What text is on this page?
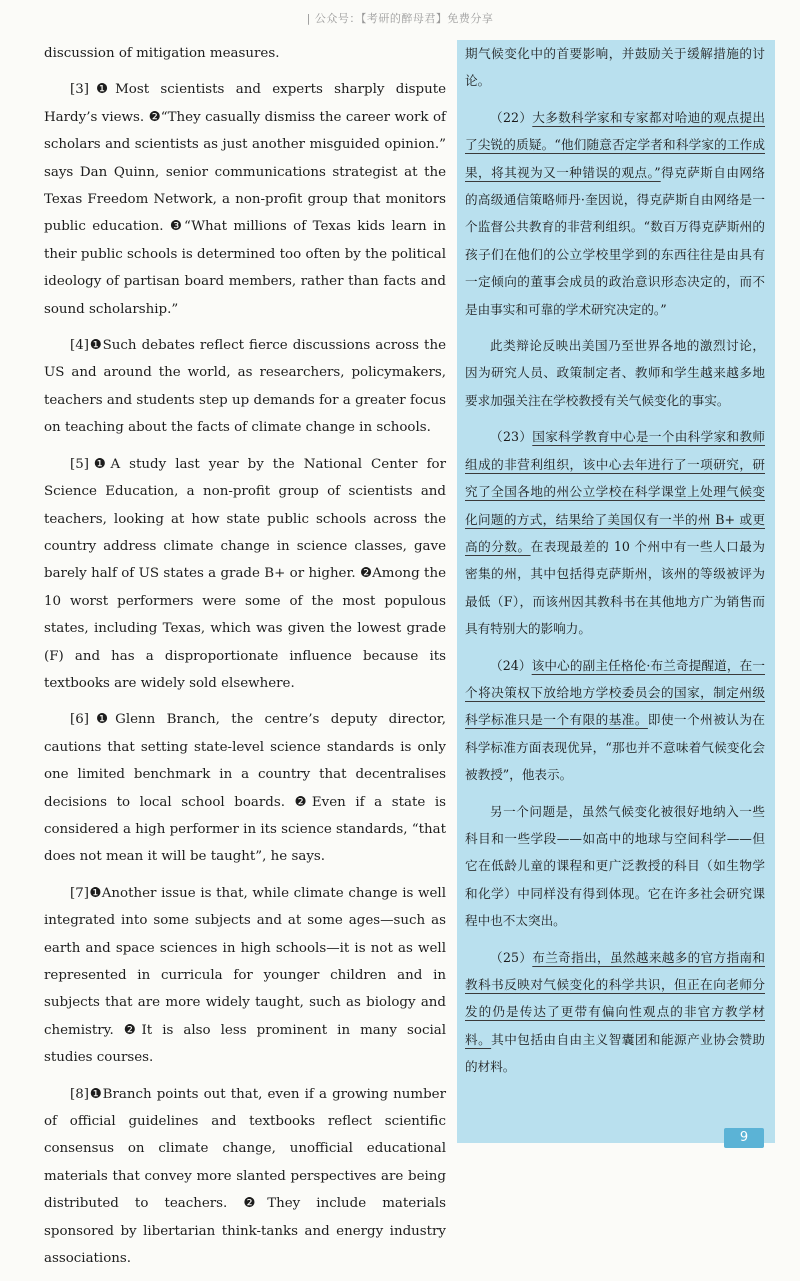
| 公众号：【考研的醉母君】免费分享

discussion of mitigation measures.

[3]❶Most scientists and experts sharply dispute Hardy’s views. ❷“They casually dismiss the career work of scholars and scientists as just another misguided opinion.” says Dan Quinn, senior communications strategist at the Texas Freedom Network, a non-profit group that monitors public education. ❸“What millions of Texas kids learn in their public schools is determined too often by the political ideology of partisan board members, rather than facts and sound scholarship.”

[4]❶Such debates reflect fierce discussions across the US and around the world, as researchers, policymakers, teachers and students step up demands for a greater focus on teaching about the facts of climate change in schools.

[5]❶A study last year by the National Center for Science Education, a non-profit group of scientists and teachers, looking at how state public schools across the country address climate change in science classes, gave barely half of US states a grade B+ or higher. ❷Among the 10 worst performers were some of the most populous states, including Texas, which was given the lowest grade (F) and has a disproportionate influence because its textbooks are widely sold elsewhere.

[6]❶Glenn Branch, the centre’s deputy director, cautions that setting state-level science standards is only one limited benchmark in a country that decentralises decisions to local school boards. ❷Even if a state is considered a high performer in its science standards, “that does not mean it will be taught”, he says.

[7]❶Another issue is that, while climate change is well integrated into some subjects and at some ages—such as earth and space sciences in high schools—it is not as well represented in curricula for younger children and in subjects that are more widely taught, such as biology and chemistry. ❷It is also less prominent in many social studies courses.

[8]❶Branch points out that, even if a growing number of official guidelines and textbooks reflect scientific consensus on climate change, unofficial educational materials that convey more slanted perspectives are being distributed to teachers. ❷They include materials sponsored by libertarian think-tanks and energy industry associations.

期气候变化中的首要影响，并鼓励关于缓解措施的讨论。

（22）大多数科学家和专家都对哈迪的观点提出了尖锐的质疑。“他们随意否定学者和科学家的工作成果，将其视为又一种错误的观点。”得克萨斯自由网络的高级通信策略师丹·奎因说，得克萨斯自由网络是一个监督公共教育的非营利组织。“数百万得克萨斯州的孩子们在他们的公立学校里学到的东西往往是由具有一定倾向的董事会成员的政治意识形态决定的，而不是由事实和可靠的学术研究决定的。”

此类辩论反映出美国乃至世界各地的激烈讨论，因为研究人员、政策制定者、教师和学生越来越多地要求加强关注在学校教授有关气候变化的事实。

（23）国家科学教育中心是一个由科学家和教师组成的非营利组织，该中心去年进行了一项研究，研究了全国各地的州公立学校在科学课堂上处理气候变化问题的方式，结果给了美国仅有一半的州 B+ 或更高的分数。在表现最差的 10 个州中有一些人口最为密集的州，其中包括得克萨斯州，该州的等级被评为最低（F），而该州因其教科书在其他地方广为销售而具有特别大的影响力。

（24）该中心的副主任格伦·布兰奇提醒道，在一个将决策权下放给地方学校委员会的国家，制定州级科学标准只是一个有限的基准。即使一个州被认为在科学标准方面表现优异，“那也并不意味着气候变化会被教授”，他表示。

另一个问题是，虽然气候变化被很好地纳入一些科目和一些学段——如高中的地球与空间科学——但它在低龄儿童的课程和更广泛教授的科目（如生物学和化学）中同样没有得到体现。它在许多社会研究课程中也不太突出。

（25）布兰奇指出，虽然越来越多的官方指南和教科书反映对气候变化的科学共识，但正在向老师分发的仍是传达了更带有偏向性观点的非官方教学材料。其中包括由自由主义智囊团和能源产业协会赞助的材料。

9
